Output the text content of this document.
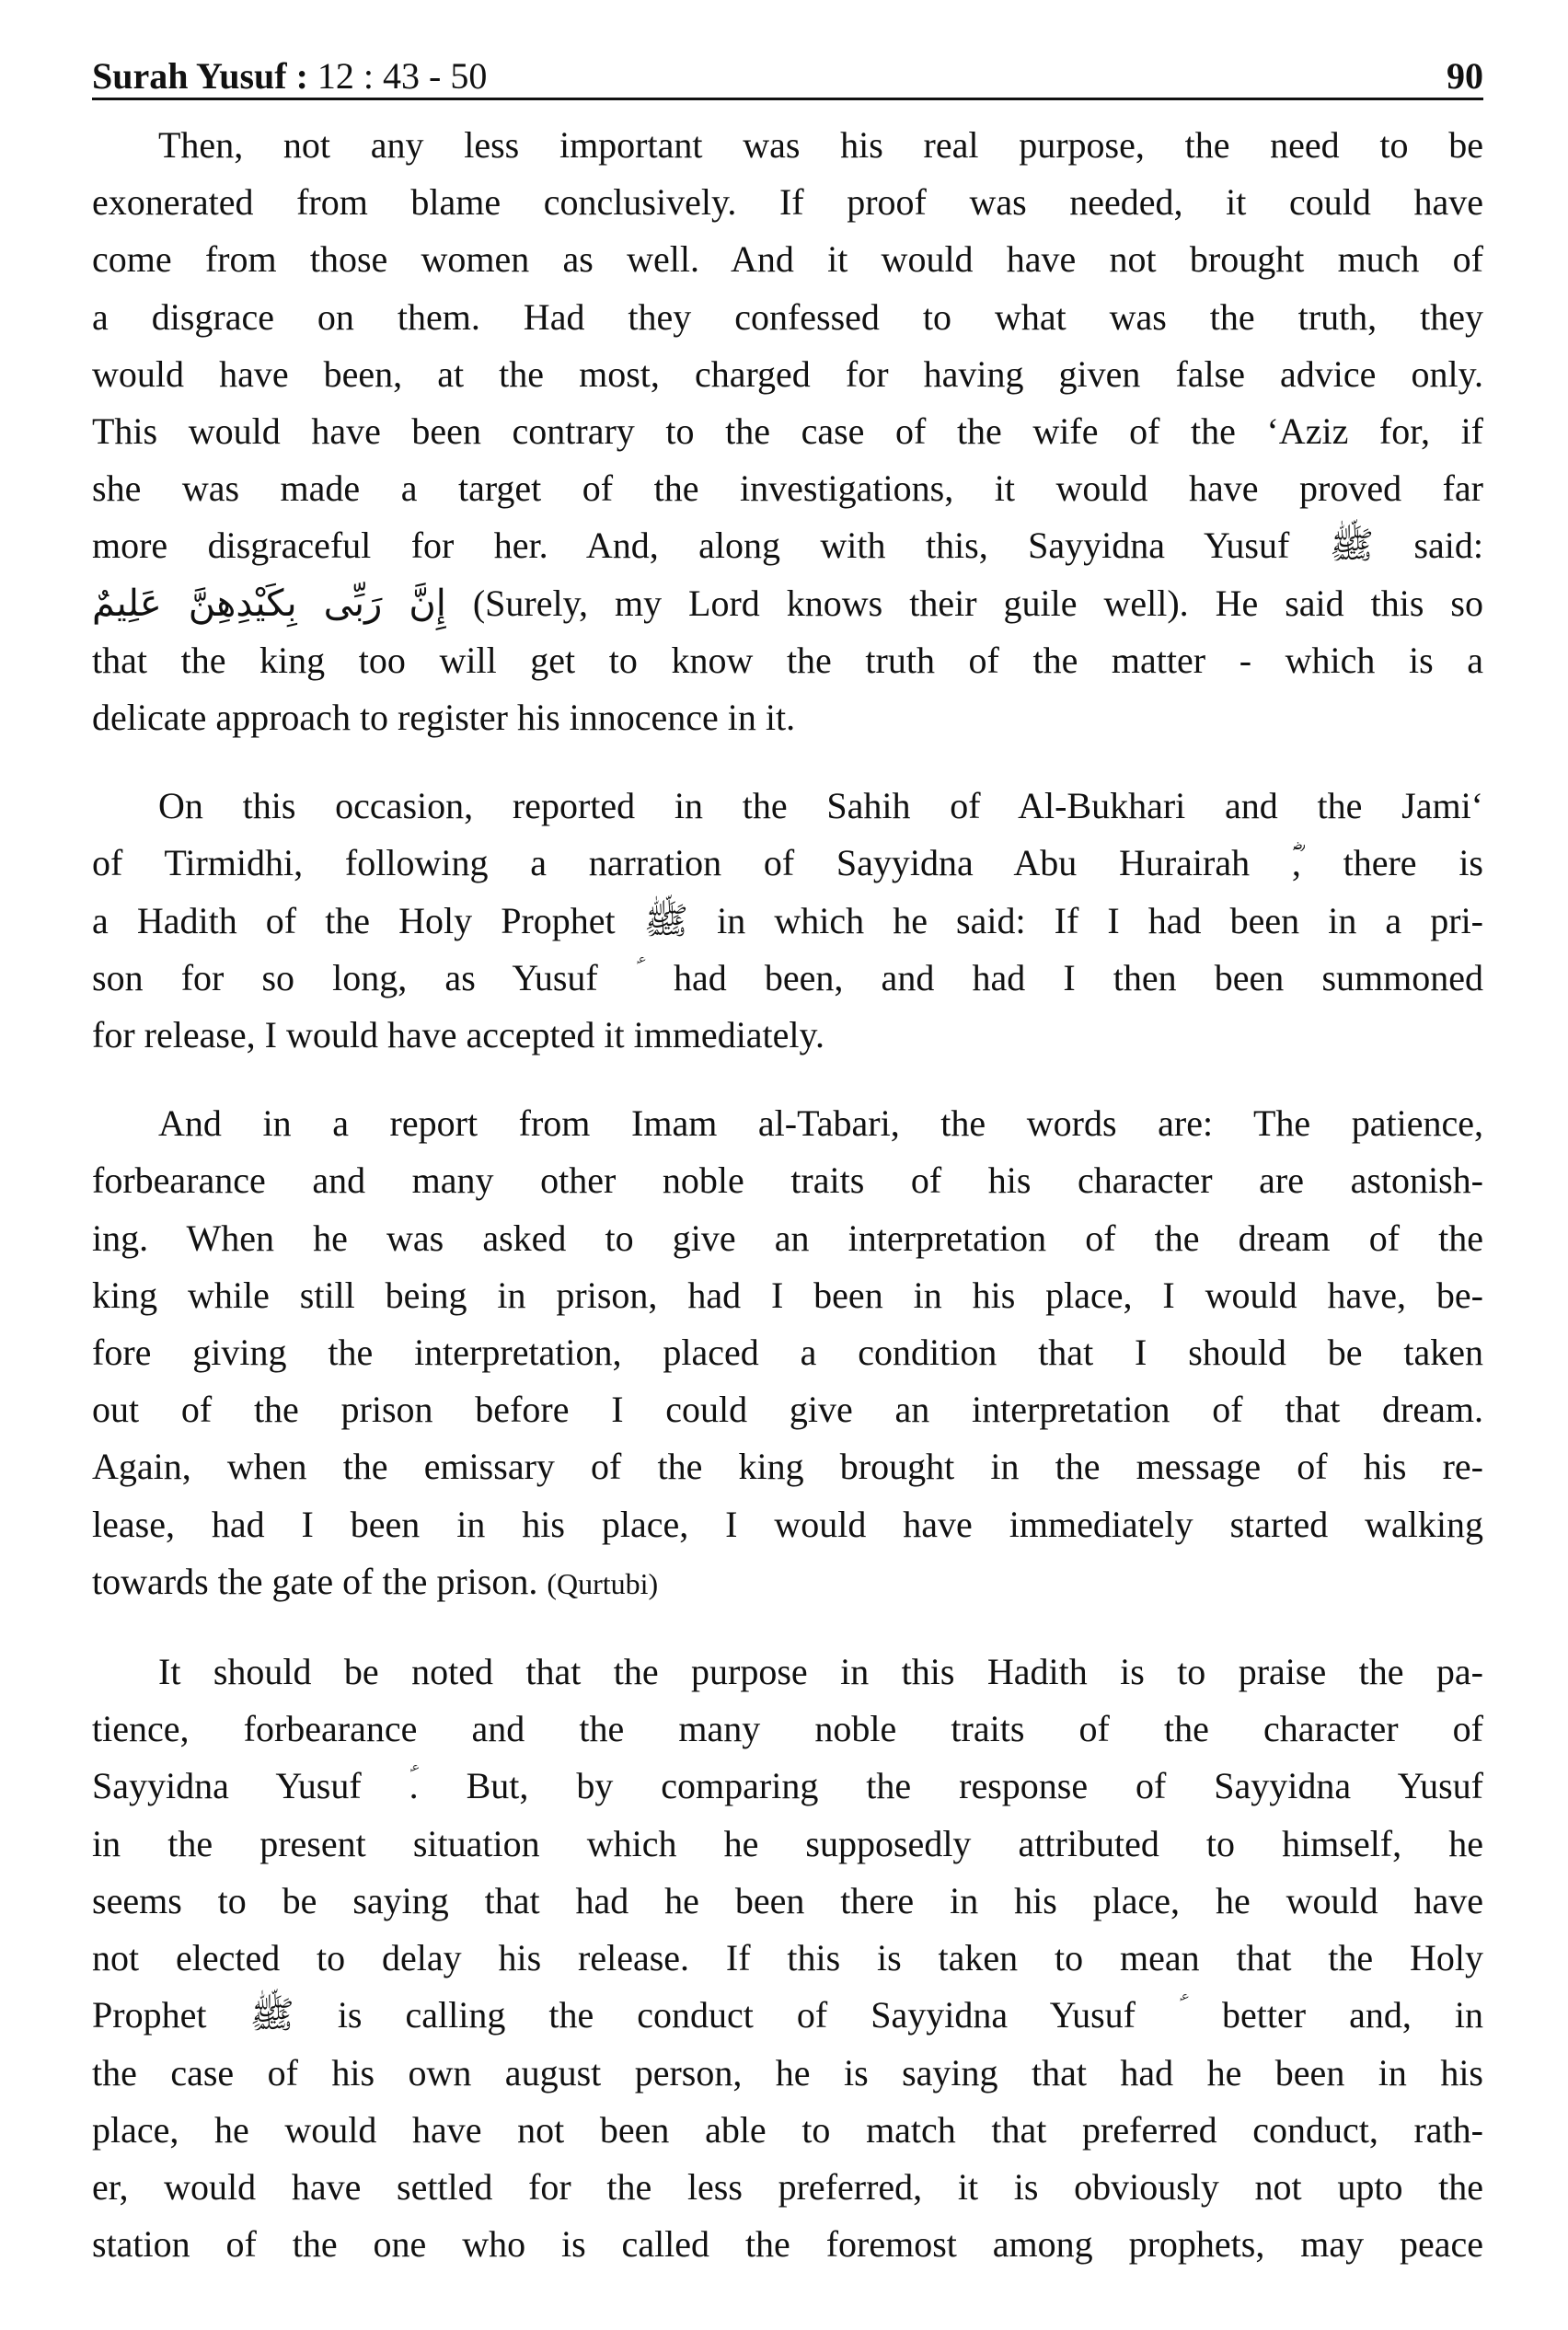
Surah Yusuf : 12 : 43 - 50	90

Then, not any less important was his real purpose, the need to be
exonerated from blame conclusively. If proof was needed, it could have
come from those women as well. And it would have not brought much of
a disgrace on them. Had they confessed to what was the truth, they
would have been, at the most, charged for having given false advice only.
This would have been contrary to the case of the wife of the ‘Aziz for, if
she was made a target of the investigations, it would have proved far
more disgraceful for her. And, along with this, Sayyidna Yusuf ﷺ said:
إِنَّ رَبِّى بِكَيْدِهِنَّ عَلِيمٌ (Surely, my Lord knows their guile well). He said this so
that the king too will get to know the truth of the matter - which is a
delicate approach to register his innocence in it.

On this occasion, reported in the Sahih of Al-Bukhari and the Jami‘
of Tirmidhi, following a narration of Sayyidna Abu Hurairah ؓ, there is
a Hadith of the Holy Prophet ﷺ in which he said: If I had been in a pri-
son for so long, as Yusuf ؑ had been, and had I then been summoned
for release, I would have accepted it immediately.

And in a report from Imam al-Tabari, the words are: The patience,
forbearance and many other noble traits of his character are astonish-
ing. When he was asked to give an interpretation of the dream of the
king while still being in prison, had I been in his place, I would have, be-
fore giving the interpretation, placed a condition that I should be taken
out of the prison before I could give an interpretation of that dream.
Again, when the emissary of the king brought in the message of his re-
lease, had I been in his place, I would have immediately started walking
towards the gate of the prison. (Qurtubi)

It should be noted that the purpose in this Hadith is to praise the pa-
tience, forbearance and the many noble traits of the character of
Sayyidna Yusuf ؑ. But, by comparing the response of Sayyidna Yusuf
in the present situation which he supposedly attributed to himself, he
seems to be saying that had he been there in his place, he would have
not elected to delay his release. If this is taken to mean that the Holy
Prophet ﷺ is calling the conduct of Sayyidna Yusuf ؑ better and, in
the case of his own august person, he is saying that had he been in his
place, he would have not been able to match that preferred conduct, rath-
er, would have settled for the less preferred, it is obviously not upto the
station of the one who is called the foremost among prophets, may peace
